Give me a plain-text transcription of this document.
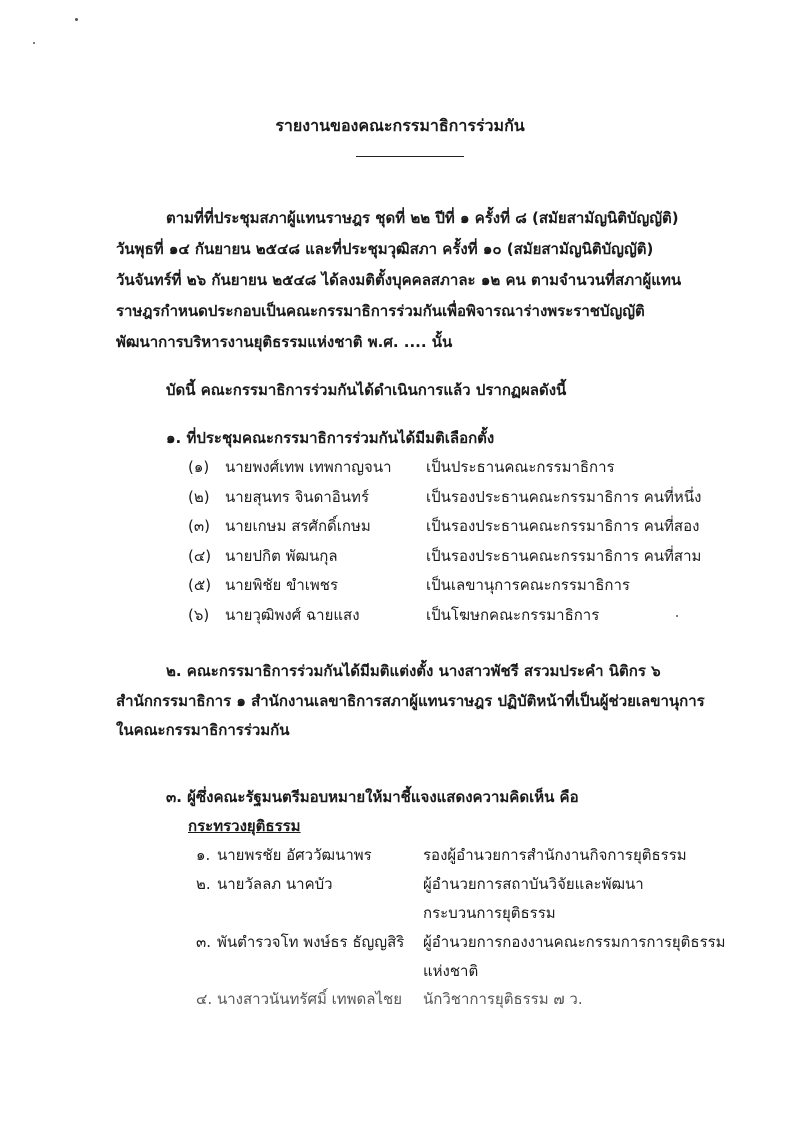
รายงานของคณะกรรมาธิการร่วมกัน
ตามที่ที่ประชุมสภาผู้แทนราษฎร ชุดที่ ๒๒ ปีที่ ๑ ครั้งที่ ๘ (สมัยสามัญนิติบัญญัติ)
วันพุธที่ ๑๔ กันยายน ๒๕๔๘ และที่ประชุมวุฒิสภา ครั้งที่ ๑๐ (สมัยสามัญนิติบัญญัติ)
วันจันทร์ที่ ๒๖ กันยายน ๒๕๔๘ ได้ลงมติตั้งบุคคลสภาละ ๑๒ คน ตามจำนวนที่สภาผู้แทน
ราษฎรกำหนดประกอบเป็นคณะกรรมาธิการร่วมกันเพื่อพิจารณาร่างพระราชบัญญัติ
พัฒนาการบริหารงานยุติธรรมแห่งชาติ พ.ศ. .... นั้น
บัดนี้ คณะกรรมาธิการร่วมกันได้ดำเนินการแล้ว ปรากฏผลดังนี้
๑. ที่ประชุมคณะกรรมาธิการร่วมกันได้มีมติเลือกตั้ง
(๑) นายพงศ์เทพ เทพกาญจนา เป็นประธานคณะกรรมาธิการ
(๒) นายสุนทร จินดาอินทร์	เป็นรองประธานคณะกรรมาธิการ คนที่หนึ่ง
(๓) นายเกษม สรศักดิ์เกษม	เป็นรองประธานคณะกรรมาธิการ คนที่สอง
(๔) นายปกิต พัฒนกุล	เป็นรองประธานคณะกรรมาธิการ คนที่สาม
(๕) นายพิชัย ขำเพชร	เป็นเลขานุการคณะกรรมาธิการ
(๖) นายวุฒิพงศ์ ฉายแสง	เป็นโฆษกคณะกรรมาธิการ
๒. คณะกรรมาธิการร่วมกันได้มีมติแต่งตั้ง นางสาวพัชรี สรวมประคำ นิติกร ๖
สำนักกรรมาธิการ ๑ สำนักงานเลขาธิการสภาผู้แทนราษฎร ปฏิบัติหน้าที่เป็นผู้ช่วยเลขานุการ
ในคณะกรรมาธิการร่วมกัน
๓. ผู้ซึ่งคณะรัฐมนตรีมอบหมายให้มาชี้แจงแสดงความคิดเห็น คือ
กระทรวงยุติธรรม
๑. นายพรชัย อัศววัฒนาพร	รองผู้อำนวยการสำนักงานกิจการยุติธรรม
๒. นายวัลลภ นาคบัว	ผู้อำนวยการสถาบันวิจัยและพัฒนา
กระบวนการยุติธรรม
๓. พันตำรวจโท พงษ์ธร ธัญญสิริ ผู้อำนวยการกองงานคณะกรรมการการยุติธรรม
แห่งชาติ
๔. นางสาวนันทรัศมิ์ เทพดลไชย นักวิชาการยุติธรรม ๗ ว.
